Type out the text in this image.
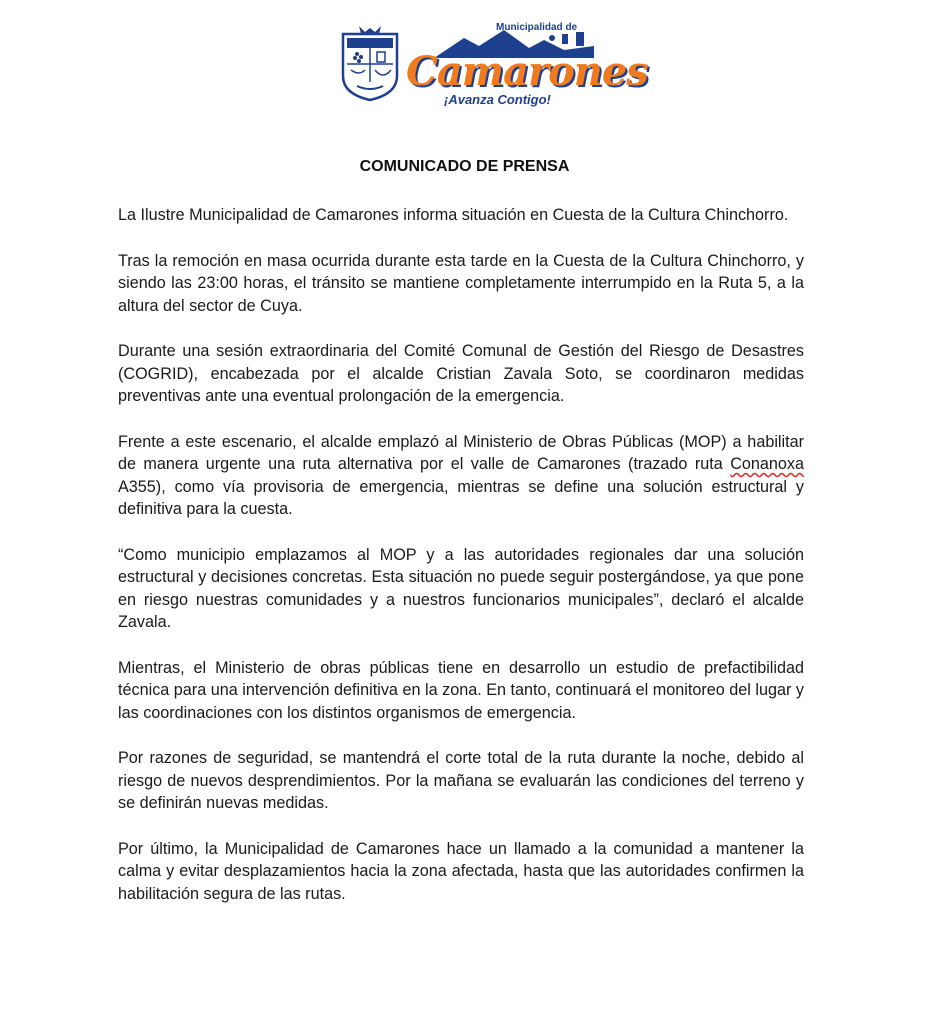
Municipalidad de
Camarones
¡Avanza Contigo!
COMUNICADO DE PRENSA

La Ilustre Municipalidad de Camarones informa situación en Cuesta de la Cultura Chinchorro.

Tras la remoción en masa ocurrida durante esta tarde en la Cuesta de la Cultura Chinchorro, y siendo las 23:00 horas, el tránsito se mantiene completamente interrumpido en la Ruta 5, a la altura del sector de Cuya.

Durante una sesión extraordinaria del Comité Comunal de Gestión del Riesgo de Desastres (COGRID), encabezada por el alcalde Cristian Zavala Soto, se coordinaron medidas preventivas ante una eventual prolongación de la emergencia.

Frente a este escenario, el alcalde emplazó al Ministerio de Obras Públicas (MOP) a habilitar de manera urgente una ruta alternativa por el valle de Camarones (trazado ruta Conanoxa A355), como vía provisoria de emergencia, mientras se define una solución estructural y definitiva para la cuesta.

“Como municipio emplazamos al MOP y a las autoridades regionales dar una solución estructural y decisiones concretas. Esta situación no puede seguir postergándose, ya que pone en riesgo nuestras comunidades y a nuestros funcionarios municipales”, declaró el alcalde Zavala.

Mientras, el Ministerio de obras públicas tiene en desarrollo un estudio de prefactibilidad técnica para una intervención definitiva en la zona. En tanto, continuará el monitoreo del lugar y las coordinaciones con los distintos organismos de emergencia.

Por razones de seguridad, se mantendrá el corte total de la ruta durante la noche, debido al riesgo de nuevos desprendimientos. Por la mañana se evaluarán las condiciones del terreno y se definirán nuevas medidas.

Por último, la Municipalidad de Camarones hace un llamado a la comunidad a mantener la calma y evitar desplazamientos hacia la zona afectada, hasta que las autoridades confirmen la habilitación segura de las rutas.
